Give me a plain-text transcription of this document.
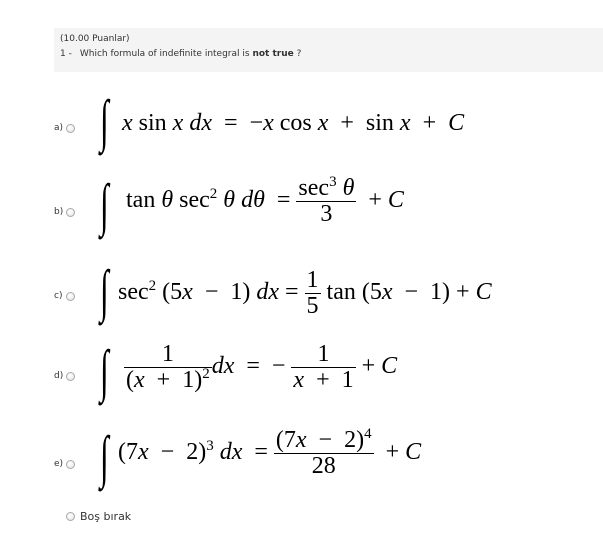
(10.00 Puanlar)
1 - Which formula of indefinite integral is not true ?
a) ∫ x sin x dx  =  −x cos x  +  sin x  +  C
b) ∫ tan θ $\sec^2 \theta$ $d\theta = \frac{\sec^3 \theta}{3} + C$
c) ∫ $\sec^2 (5x - 1)$ dx = $\frac{1}{5}$ tan (5x  −  1) + C
d) ∫ $\frac{1}{(x + 1)^2}$ dx  =  − $\frac{1}{x + 1} + C$
e) ∫ $(7x - 2)^3$ dx  = $\frac{(7x - 2)^4}{28} + C$
Boş bırak
